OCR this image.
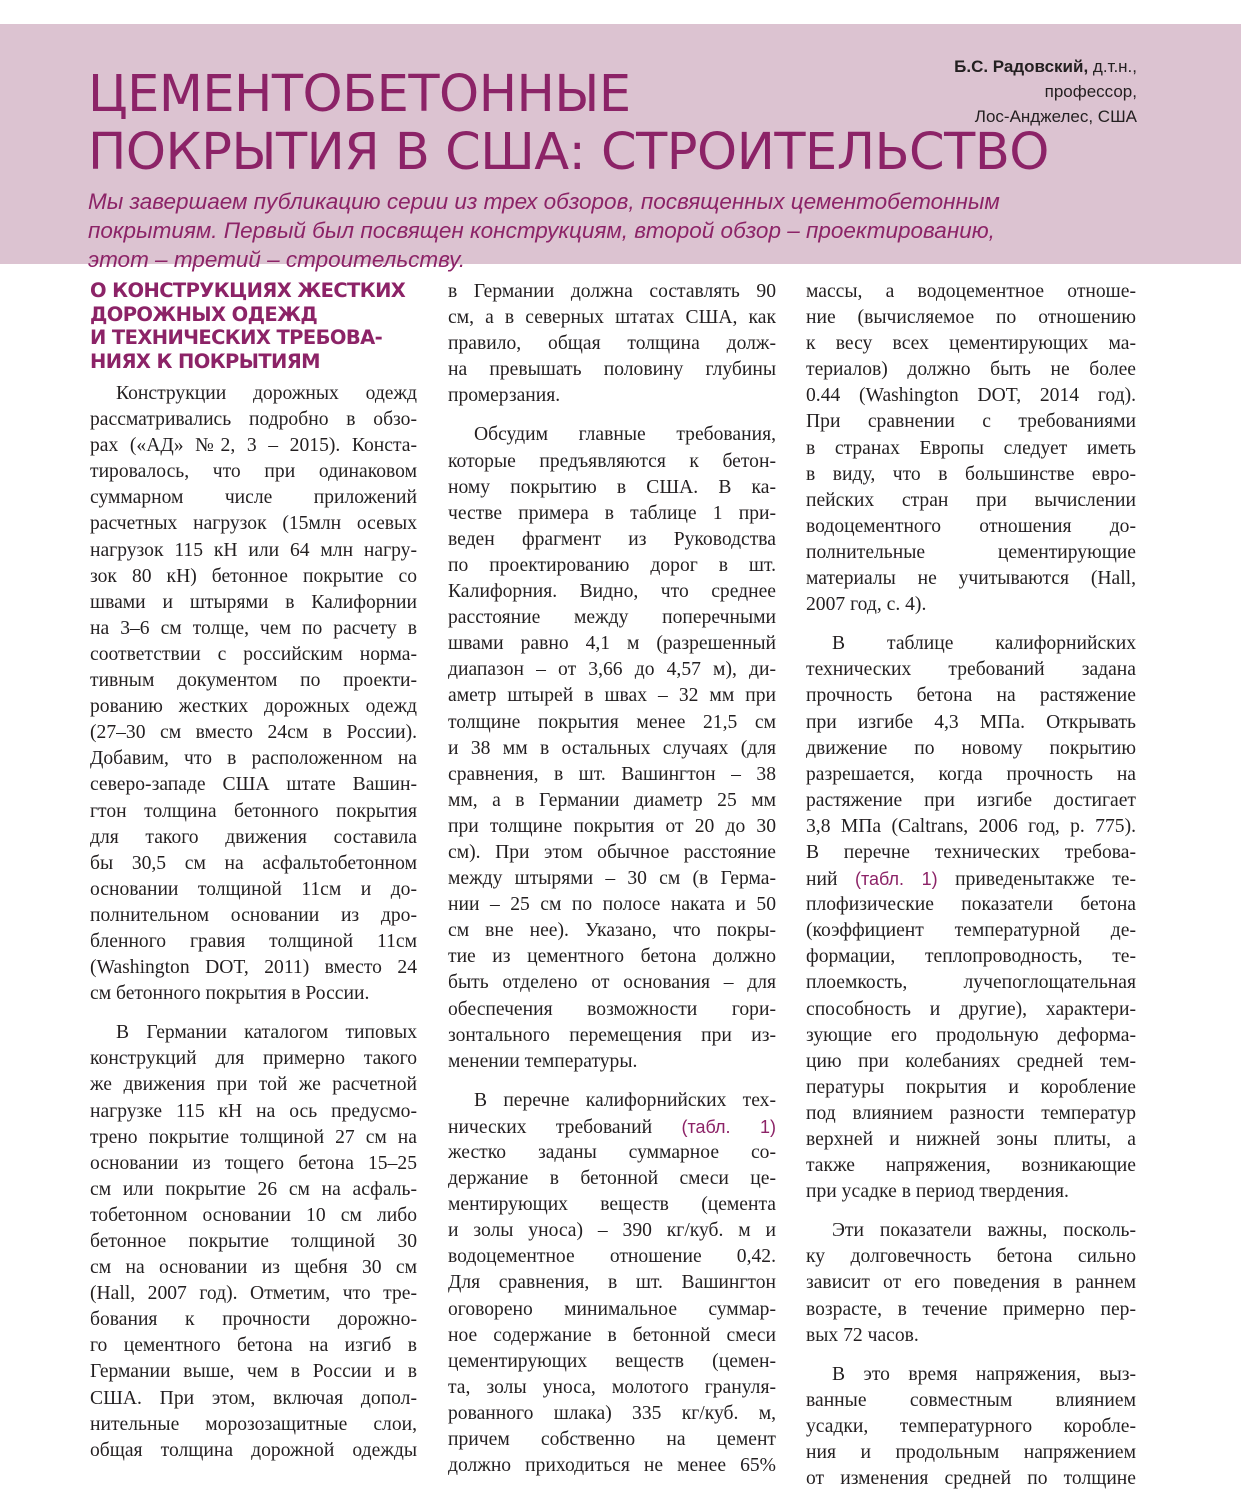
ЦЕМЕНТОБЕТОННЫЕ
ПОКРЫТИЯ В США: СТРОИТЕЛЬСТВО
Б.С. Радовский, д.т.н.,
профессор,
Лос-Анджелес, США

Мы завершаем публикацию серии из трех обзоров, посвященных цементобетонным
покрытиям. Первый был посвящен конструкциям, второй обзор – проектированию,
этот – третий – строительству.

О КОНСТРУКЦИЯХ ЖЕСТКИХ
ДОРОЖНЫХ ОДЕЖД
И ТЕХНИЧЕСКИХ ТРЕБОВА-
НИЯХ К ПОКРЫТИЯМ
Конструкции дорожных одежд
рассматривались подробно в обзо-
рах («АД» №2, 3 – 2015). Конста-
тировалось, что при одинаковом
суммарном числе приложений
расчетных нагрузок (15млн осевых
нагрузок 115 кН или 64 млн нагру-
зок 80 кН) бетонное покрытие со
швами и штырями в Калифорнии
на 3–6 см толще, чем по расчету в
соответствии с российским норма-
тивным документом по проекти-
рованию жестких дорожных одежд
(27–30 см вместо 24см в России).
Добавим, что в расположенном на
северо-западе США штате Вашин-
гтон толщина бетонного покрытия
для такого движения составила
бы 30,5 см на асфальтобетонном
основании толщиной 11см и до-
полнительном основании из дро-
бленного гравия толщиной 11см
(Washington DOT, 2011) вместо 24
см бетонного покрытия в России.
В Германии каталогом типовых
конструкций для примерно такого
же движения при той же расчетной
нагрузке 115 кН на ось предусмо-
трено покрытие толщиной 27 см на
основании из тощего бетона 15–25
см или покрытие 26 см на асфаль-
тобетонном основании 10 см либо
бетонное покрытие толщиной 30
см на основании из щебня 30 см
(Hall, 2007 год). Отметим, что тре-
бования к прочности дорожно-
го цементного бетона на изгиб в
Германии выше, чем в России и в
США. При этом, включая допол-
нительные морозозащитные слои,
общая толщина дорожной одежды
в Германии должна составлять 90
см, а в северных штатах США, как
правило, общая толщина долж-
на превышать половину глубины
промерзания.
Обсудим главные требования,
которые предъявляются к бетон-
ному покрытию в США. В ка-
честве примера в таблице 1 при-
веден фрагмент из Руководства
по проектированию дорог в шт.
Калифорния. Видно, что среднее
расстояние между поперечными
швами равно 4,1 м (разрешенный
диапазон – от 3,66 до 4,57 м), ди-
аметр штырей в швах – 32 мм при
толщине покрытия менее 21,5 см
и 38 мм в остальных случаях (для
сравнения, в шт. Вашингтон – 38
мм, а в Германии диаметр 25 мм
при толщине покрытия от 20 до 30
см). При этом обычное расстояние
между штырями – 30 см (в Герма-
нии – 25 см по полосе наката и 50
см вне нее). Указано, что покры-
тие из цементного бетона должно
быть отделено от основания – для
обеспечения возможности гори-
зонтального перемещения при из-
менении температуры.
В перечне калифорнийских тех-
нических требований (табл. 1)
жестко заданы суммарное со-
держание в бетонной смеси це-
ментирующих веществ (цемента
и золы уноса) – 390 кг/куб. м и
водоцементное отношение 0,42.
Для сравнения, в шт. Вашингтон
оговорено минимальное суммар-
ное содержание в бетонной смеси
цементирующих веществ (цемен-
та, золы уноса, молотого грануля-
рованного шлака) 335 кг/куб. м,
причем собственно на цемент
должно приходиться не менее 65%
массы, а водоцементное отноше-
ние (вычисляемое по отношению
к весу всех цементирующих ма-
териалов) должно быть не более
0.44 (Washington DOT, 2014 год).
При сравнении с требованиями
в странах Европы следует иметь
в виду, что в большинстве евро-
пейских стран при вычислении
водоцементного отношения до-
полнительные цементирующие
материалы не учитываются (Hall,
2007 год, с. 4).
В таблице калифорнийских
технических требований задана
прочность бетона на растяжение
при изгибе 4,3 МПа. Открывать
движение по новому покрытию
разрешается, когда прочность на
растяжение при изгибе достигает
3,8 МПа (Caltrans, 2006 год, p. 775).
В перечне технических требова-
ний (табл. 1) приведенытакже те-
плофизические показатели бетона
(коэффициент температурной де-
формации, теплопроводность, те-
плоемкость, лучепоглощательная
способность и другие), характери-
зующие его продольную деформа-
цию при колебаниях средней тем-
пературы покрытия и коробление
под влиянием разности температур
верхней и нижней зоны плиты, а
также напряжения, возникающие
при усадке в период твердения.
Эти показатели важны, посколь-
ку долговечность бетона сильно
зависит от его поведения в раннем
возрасте, в течение примерно пер-
вых 72 часов.
В это время напряжения, выз-
ванные совместным влиянием
усадки, температурного коробле-
ния и продольным напряжением
от изменения средней по толщине
